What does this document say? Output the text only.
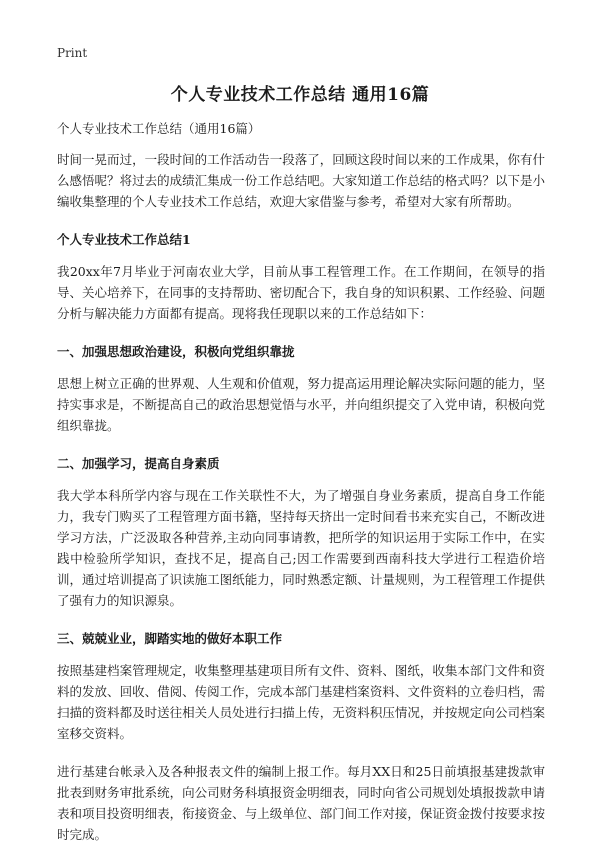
Print
个人专业技术工作总结 通用16篇

个人专业技术工作总结（通用16篇）

时间一晃而过，一段时间的工作活动告一段落了，回顾这段时间以来的工作成果，你有什么感悟呢？将过去的成绩汇集成一份工作总结吧。大家知道工作总结的格式吗？以下是小编收集整理的个人专业技术工作总结，欢迎大家借鉴与参考，希望对大家有所帮助。

个人专业技术工作总结1

我20xx年7月毕业于河南农业大学，目前从事工程管理工作。在工作期间，在领导的指导、关心培养下，在同事的支持帮助、密切配合下，我自身的知识积累、工作经验、问题分析与解决能力方面都有提高。现将我任现职以来的工作总结如下：

一、加强思想政治建设，积极向党组织靠拢

思想上树立正确的世界观、人生观和价值观，努力提高运用理论解决实际问题的能力，坚持实事求是，不断提高自己的政治思想觉悟与水平，并向组织提交了入党申请，积极向党组织靠拢。

二、加强学习，提高自身素质

我大学本科所学内容与现在工作关联性不大，为了增强自身业务素质，提高自身工作能力，我专门购买了工程管理方面书籍，坚持每天挤出一定时间看书来充实自己，不断改进学习方法，广泛汲取各种营养,主动向同事请教，把所学的知识运用于实际工作中，在实践中检验所学知识，查找不足，提高自己;因工作需要到西南科技大学进行工程造价培训，通过培训提高了识读施工图纸能力，同时熟悉定额、计量规则，为工程管理工作提供了强有力的知识源泉。

三、兢兢业业，脚踏实地的做好本职工作

按照基建档案管理规定，收集整理基建项目所有文件、资料、图纸，收集本部门文件和资料的发放、回收、借阅、传阅工作，完成本部门基建档案资料、文件资料的立卷归档，需扫描的资料都及时送往相关人员处进行扫描上传，无资料积压情况，并按规定向公司档案室移交资料。

进行基建台帐录入及各种报表文件的编制上报工作。每月XX日和25日前填报基建拨款审批表到财务审批系统，向公司财务科填报资金明细表，同时向省公司规划处填报拨款申请表和项目投资明细表，衔接资金、与上级单位、部门间工作对接，保证资金拨付按要求按时完成。
